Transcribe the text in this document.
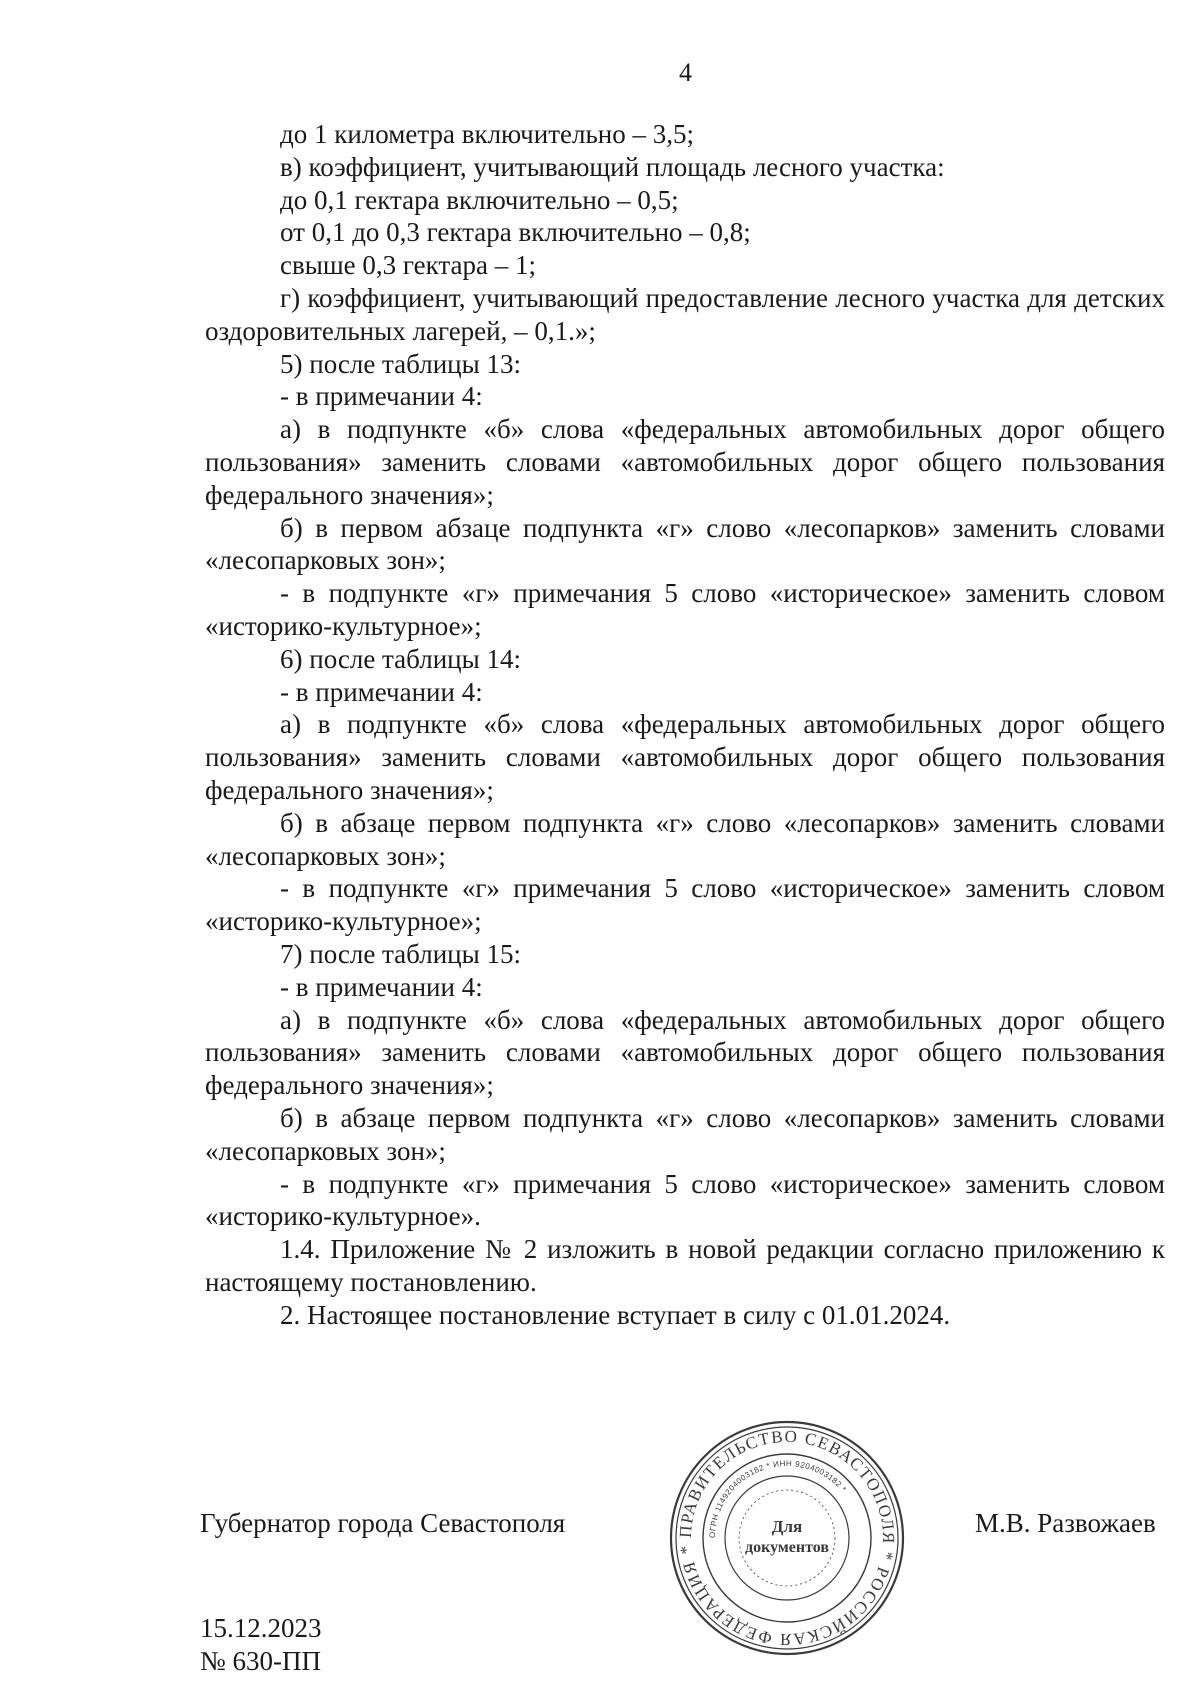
4

до 1 километра включительно – 3,5;

в) коэффициент, учитывающий площадь лесного участка:

до 0,1 гектара включительно – 0,5;

от 0,1 до 0,3 гектара включительно – 0,8;

свыше 0,3 гектара – 1;

г) коэффициент, учитывающий предоставление лесного участка для детских оздоровительных лагерей, – 0,1.»;

5) после таблицы 13:

- в примечании 4:

а) в подпункте «б» слова «федеральных автомобильных дорог общего пользования» заменить словами «автомобильных дорог общего пользования федерального значения»;

б) в первом абзаце подпункта «г» слово «лесопарков» заменить словами «лесопарковых зон»;

- в подпункте «г» примечания 5 слово «историческое» заменить словом «историко-культурное»;

6) после таблицы 14:

- в примечании 4:

а) в подпункте «б» слова «федеральных автомобильных дорог общего пользования» заменить словами «автомобильных дорог общего пользования федерального значения»;

б) в абзаце первом подпункта «г» слово «лесопарков» заменить словами «лесопарковых зон»;

- в подпункте «г» примечания 5 слово «историческое» заменить словом «историко-культурное»;

7) после таблицы 15:

- в примечании 4:

а) в подпункте «б» слова «федеральных автомобильных дорог общего пользования» заменить словами «автомобильных дорог общего пользования федерального значения»;

б) в абзаце первом подпункта «г» слово «лесопарков» заменить словами «лесопарковых зон»;

- в подпункте «г» примечания 5 слово «историческое» заменить словом «историко-культурное».

1.4. Приложение № 2 изложить в новой редакции согласно приложению к настоящему постановлению.

2. Настоящее постановление вступает в силу с 01.01.2024.

Губернатор города Севастополя	М.В. Развожаев
15.12.2023
№ 630-ПП
ПРАВИТЕЛЬСТВО СЕВАСТОПОЛЯ * РОССИЙСКАЯ ФЕДЕРАЦИЯ *
ОГРН 1149204003182 * ИНН 9204003182 *
Для
документов
